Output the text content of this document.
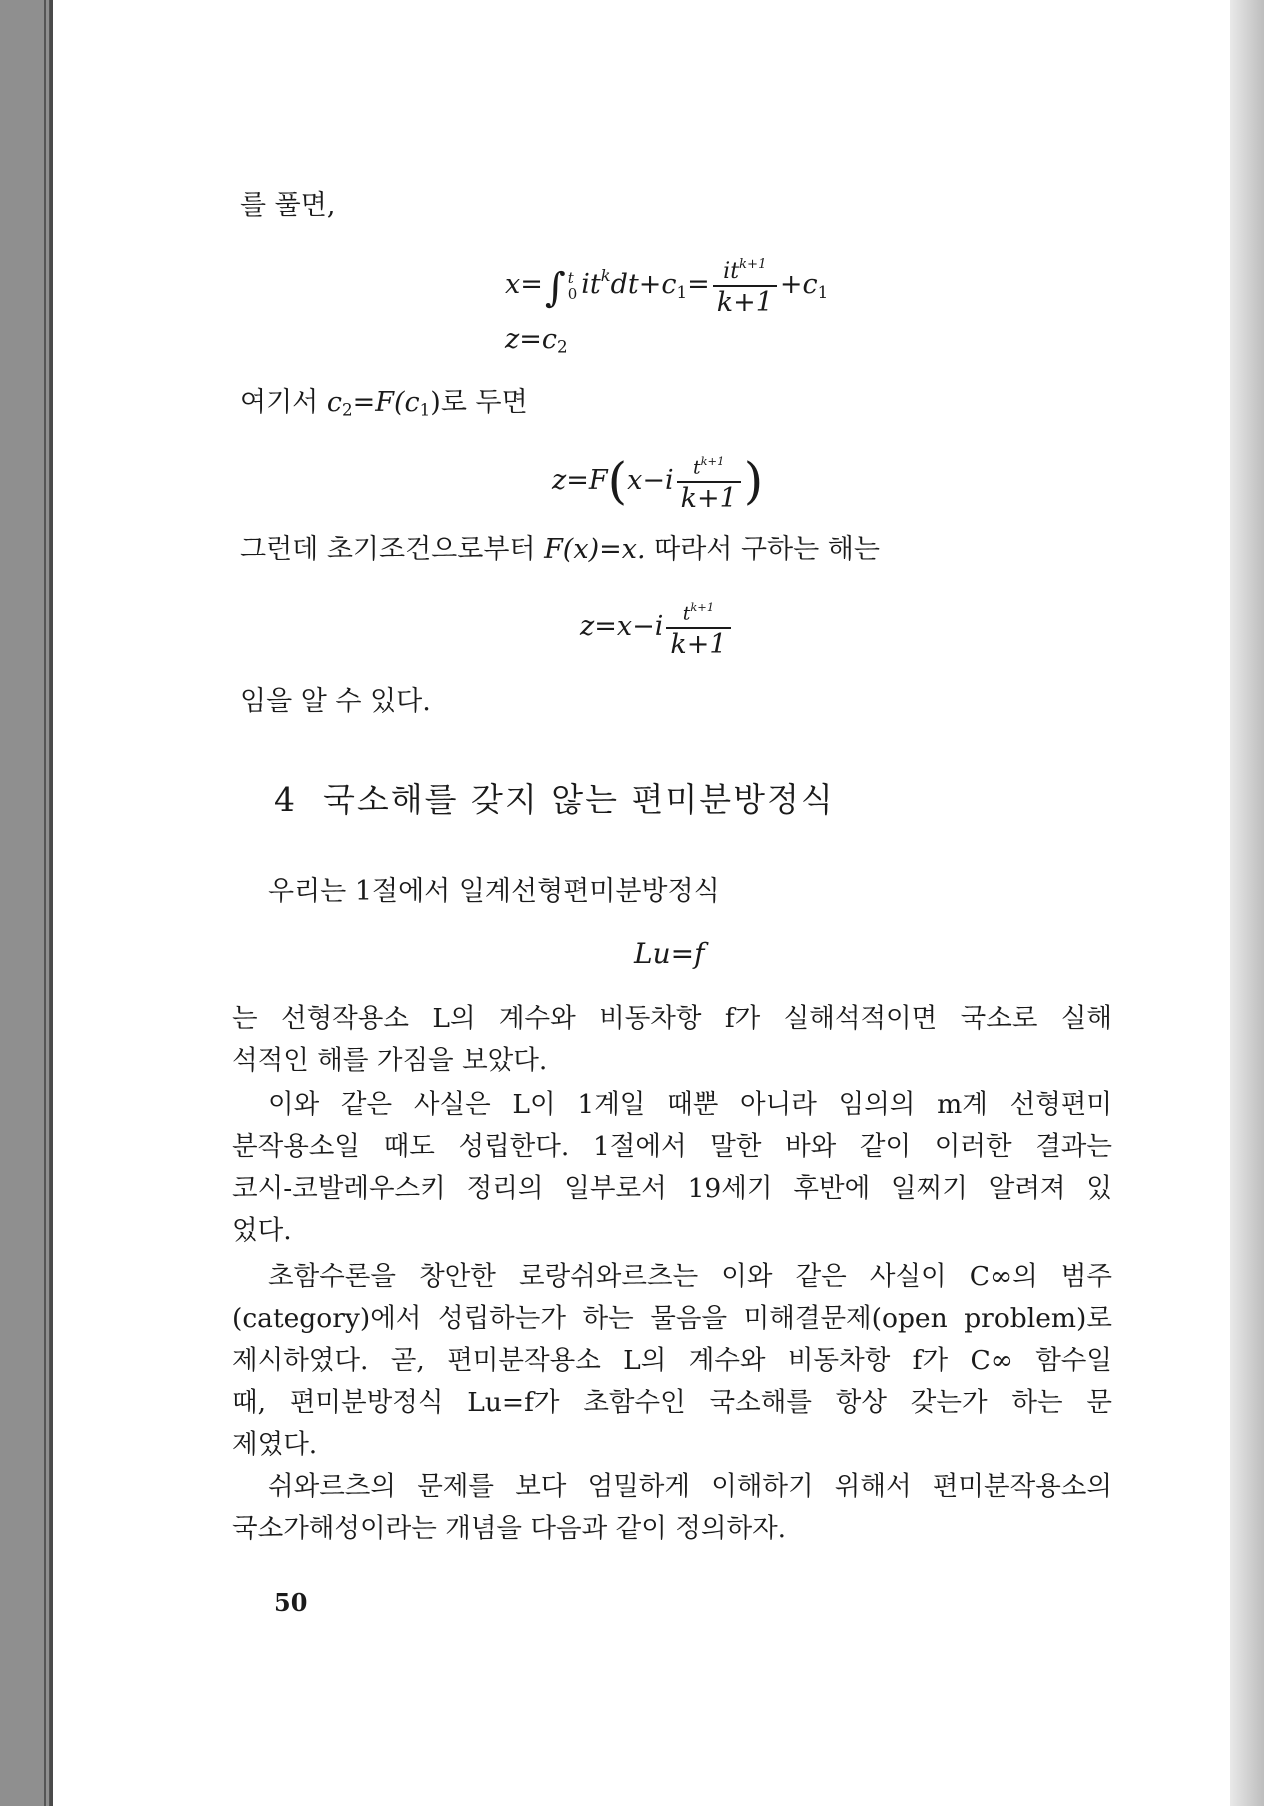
를 풀면,
x=∫ t
0 $it^kdt+c_1= \frac{it^{k+1}}{k+1} +c_1$
$z=c_2$
여기서 $c_2=F(c_1)$로 두면
$z=F(x-i \frac{t^{k+1}}{k+1}$ )
그런데 초기조건으로부터 F(x)=x. 따라서 구하는 해는
$z=x-i \frac{t^{k+1}}{k+1}$
임을 알 수 있다.
4 국소해를 갖지 않는 편미분방정식
우리는 1절에서 일계선형편미분방정식
Lu=f
는 선형작용소 L의 계수와 비동차항 f가 실해석적이면 국소로 실해
석적인 해를 가짐을 보았다.
이와 같은 사실은 L이 1계일 때뿐 아니라 임의의 m계 선형편미
분작용소일 때도 성립한다. 1절에서 말한 바와 같이 이러한 결과는
코시-코발레우스키 정리의 일부로서 19세기 후반에 일찌기 알려져 있
었다.
초함수론을 창안한 로랑쉬와르츠는 이와 같은 사실이 C∞의 범주
(category)에서 성립하는가 하는 물음을 미해결문제(open problem)로
제시하였다. 곧, 편미분작용소 L의 계수와 비동차항 f가 C∞ 함수일
때, 편미분방정식 Lu=f가 초함수인 국소해를 항상 갖는가 하는 문
제였다.
쉬와르츠의 문제를 보다 엄밀하게 이해하기 위해서 편미분작용소의
국소가해성이라는 개념을 다음과 같이 정의하자.
50
